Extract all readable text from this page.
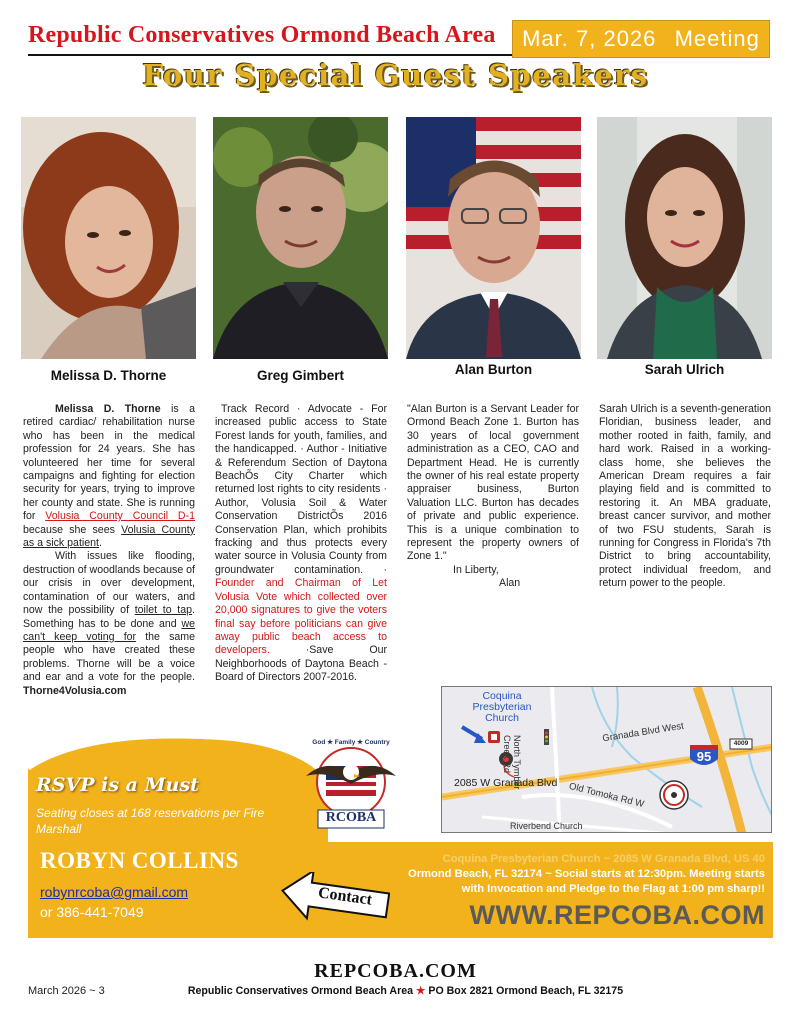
Republic Conservatives Ormond Beach Area Mar. 7, 2026 Meeting
Four Special Guest Speakers
Melissa D. Thorne	Greg Gimbert	Alan Burton	Sarah Ulrich

Melissa D. Thorne is a retired cardiac/ rehabilitation nurse who has been in the medical profession for 24 years. She has volunteered her time for several campaigns and fighting for election security for years, trying to improve her county and state. She is running for Volusia County Council D-1 because she sees Volusia County as a sick patient.

With issues like flooding, destruction of woodlands because of our crisis in over development, contamination of our waters, and now the possibility of toilet to tap. Something has to be done and we can't keep voting for the same people who have created these problems. Thorne will be a voice and ear and a vote for the people. Thorne4Volusia.com

Track Record · Advocate - For increased public access to State Forest lands for youth, families, and the handicapped. · Author - Initiative & Referendum Section of Daytona BeachÕs City Charter which returned lost rights to city residents · Author, Volusia Soil & Water Conservation DistrictÕs 2016 Conservation Plan, which prohibits fracking and thus protects every water source in Volusia County from groundwater contamination. · Founder and Chairman of Let Volusia Vote which collected over 20,000 signatures to give the voters final say before politicians can give away public beach access to developers. ·Save Our Neighborhoods of Daytona Beach - Board of Directors 2007-2016.

"Alan Burton is a Servant Leader for Ormond Beach Zone 1. Burton has 30 years of local government administration as a CEO, CAO and Department Head. He is currently the owner of his real estate property appraiser business, Burton Valuation LLC. Burton has decades of private and public experience. This is a unique combination to represent the property owners of Zone 1."

In Liberty,

Alan

Sarah Ulrich is a seventh-generation Floridian, business leader, and mother rooted in faith, family, and hard work. Raised in a working-class home, she believes the American Dream requires a fair playing field and is committed to restoring it. An MBA graduate, breast cancer survivor, and mother of two FSU students, Sarah is running for Congress in Florida's 7th District to bring accountability, protect individual freedom, and return power to the people.

Coquina Presbyterian Church
North Tymber Creek Rd
Granada Blvd West
2085 W Granada Blvd Old Tomoka Rd W
Riverbend Church
95
4009
RSVP is a Must
Seating closes at 168 reservations per Fire Marshall
God ★ Family ★ Country
RCOBA
ROBYN COLLINS
robynrcoba@gmail.com
or 386-441-7049
Contact
Coquina Presbyterian Church ~ 2085 W Granada Blvd, US 40
Ormond Beach, FL 32174 ~ Social starts at 12:30pm. Meeting starts
with Invocation and Pledge to the Flag at 1:00 pm sharp!!
WWW.REPCOBA.COM
March 2026 ~ 3
REPCOBA.COM
Republic Conservatives Ormond Beach Area ★ PO Box 2821 Ormond Beach, FL 32175
